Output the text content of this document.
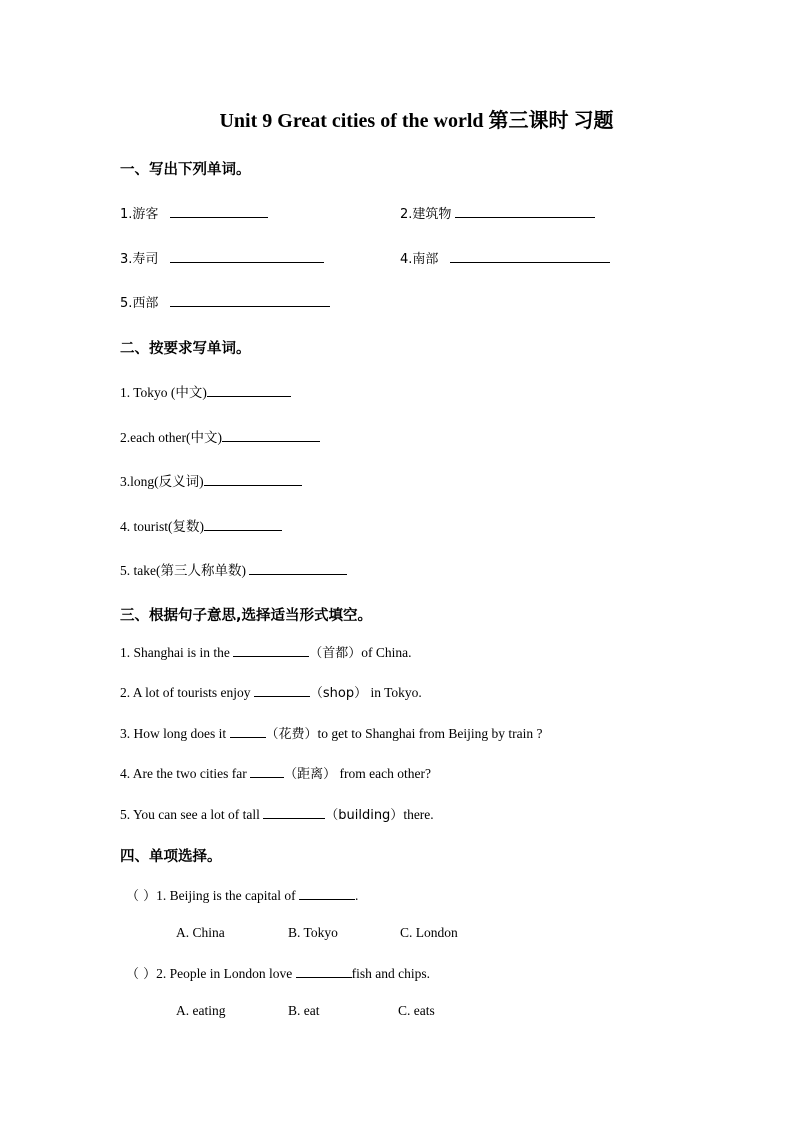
Unit 9 Great cities of the world 第三课时 习题
一、写出下列单词。
1.游客	2.建筑物
3.寿司	4.南部
5.西部
二、按要求写单词。
1. Tokyo (中文)
2.each other(中文)
3.long(反义词)
4. tourist(复数)
5. take(第三人称单数)
三、根据句子意思,选择适当形式填空。
1. Shanghai is in the	（首都）of China.
2. A lot of tourists enjoy	（shop） in Tokyo.
3. How long does it	（花费）to get to Shanghai from Beijing by train ?
4. Are the two cities far	（距离） from each other?
5. You can see a lot of tall	（building）there.
四、单项选择。
（ ）1. Beijing is the capital of	.
A. China	B. Tokyo	C. London
（ ）2. People in London love	fish and chips.
A. eating	B. eat	C. eats
